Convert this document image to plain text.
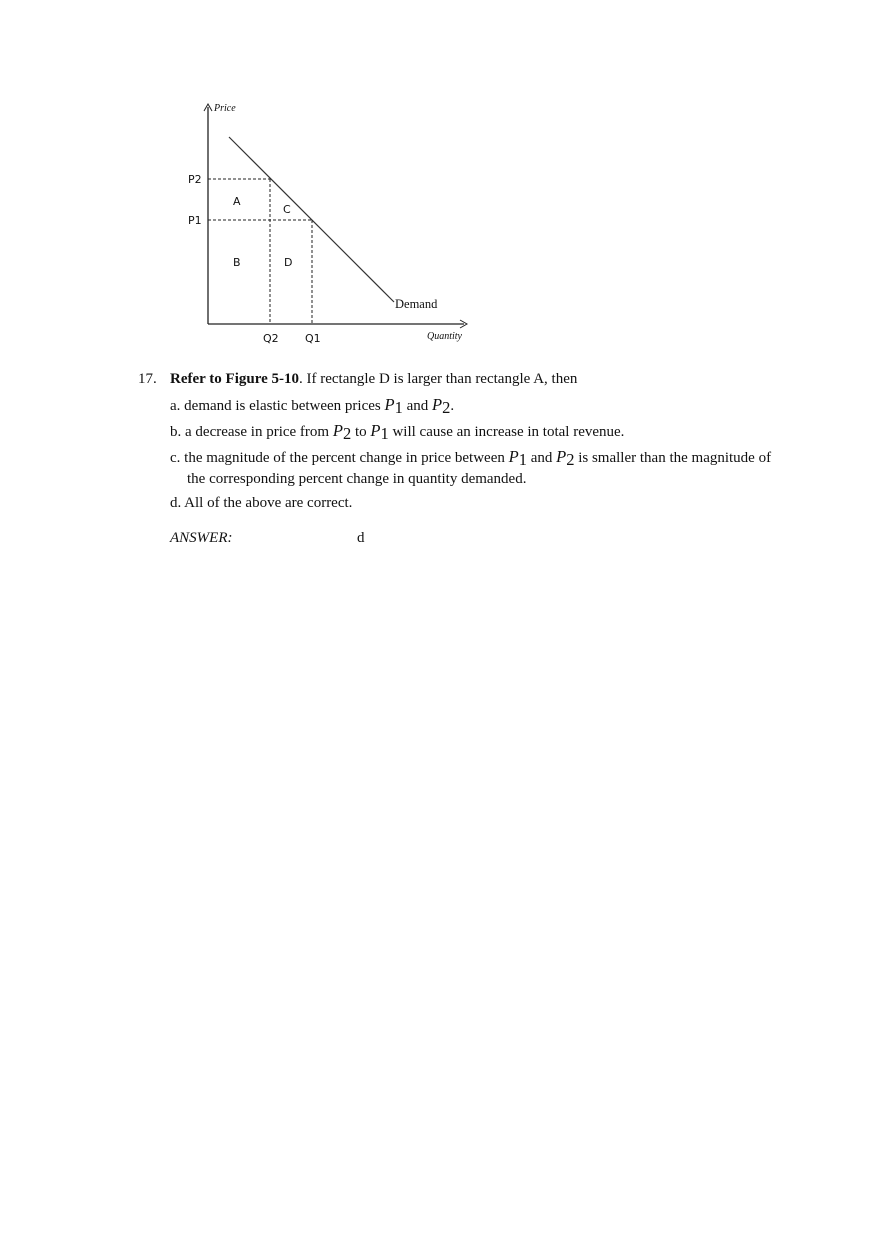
Price
Quantity
P2
P1
Q2 Q1
A
B
C
D
Demand
17. Refer to Figure 5-10. If rectangle D is larger than rectangle A, then
a. demand is elastic between prices P1 and P2.
b. a decrease in price from P2 to P1 will cause an increase in total revenue.
c. the magnitude of the percent change in price between P1 and P2 is smaller than the magnitude of the corresponding percent change in quantity demanded.
d. All of the above are correct.
ANSWER:	d
